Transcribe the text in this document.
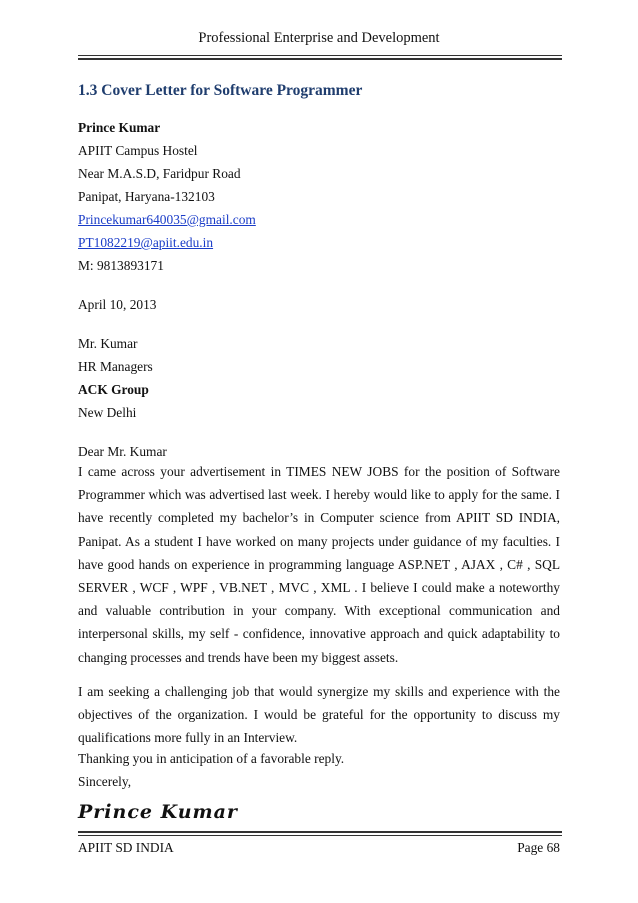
Professional Enterprise and Development
1.3 Cover Letter for Software Programmer
Prince Kumar
APIIT Campus Hostel
Near M.A.S.D, Faridpur Road
Panipat, Haryana-132103
Princekumar640035@gmail.com
PT1082219@apiit.edu.in
M: 9813893171
April 10, 2013
Mr. Kumar
HR Managers
ACK Group
New Delhi
Dear Mr. Kumar

I came across your advertisement in TIMES NEW JOBS for the position of Software Programmer which was advertised last week. I hereby would like to apply for the same. I have recently completed my bachelor’s in Computer science from APIIT SD INDIA, Panipat. As a student I have worked on many projects under guidance of my faculties. I have good hands on experience in programming language ASP.NET , AJAX , C# , SQL SERVER , WCF , WPF , VB.NET , MVC , XML . I believe I could make a noteworthy and valuable contribution in your company. With exceptional communication and interpersonal skills, my self - confidence, innovative approach and quick adaptability to changing processes and trends have been my biggest assets.

I am seeking a challenging job that would synergize my skills and experience with the objectives of the organization. I would be grateful for the opportunity to discuss my qualifications more fully in an Interview.

Thanking you in anticipation of a favorable reply.
Sincerely,
Prince Kumar
APIIT SD INDIA	Page 68
